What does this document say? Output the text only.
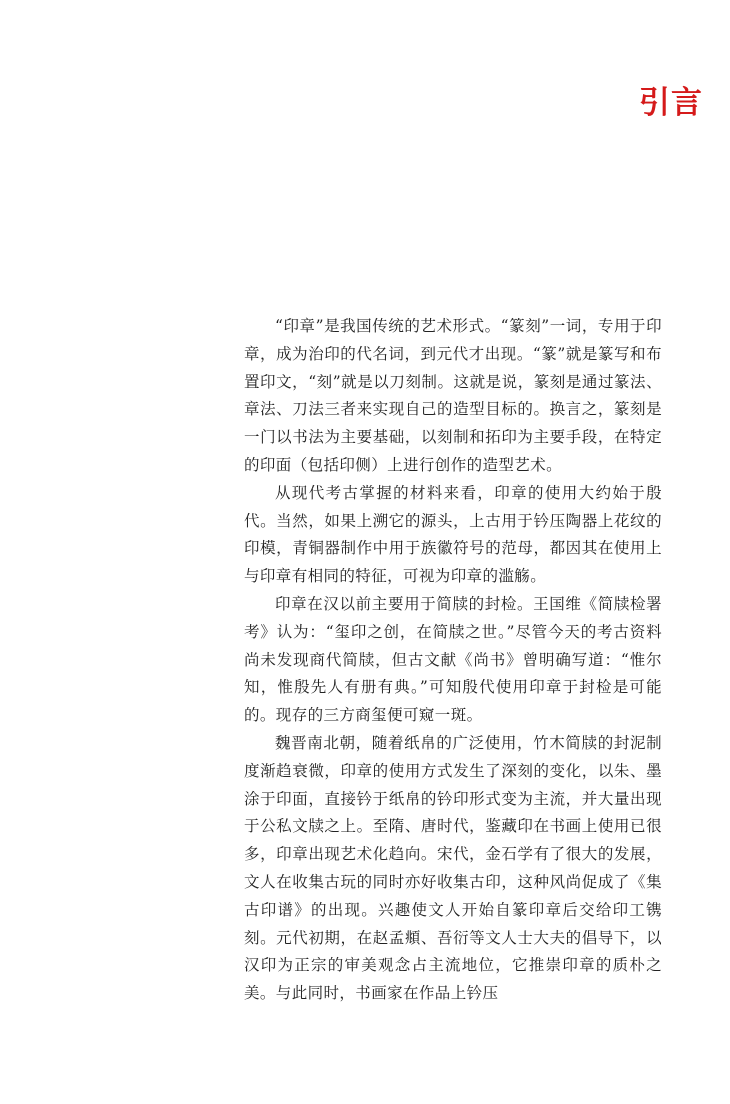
引言

“印章”是我国传统的艺术形式。“篆刻”一词，专用于印章，成为治印的代名词，到元代才出现。“篆”就是篆写和布置印文，“刻”就是以刀刻制。这就是说，篆刻是通过篆法、章法、刀法三者来实现自己的造型目标的。换言之，篆刻是一门以书法为主要基础，以刻制和拓印为主要手段，在特定的印面（包括印侧）上进行创作的造型艺术。

从现代考古掌握的材料来看，印章的使用大约始于殷代。当然，如果上溯它的源头，上古用于钤压陶器上花纹的印模，青铜器制作中用于族徽符号的范母，都因其在使用上与印章有相同的特征，可视为印章的滥觞。

印章在汉以前主要用于简牍的封检。王国维《简牍检署考》认为：“玺印之创，在简牍之世。”尽管今天的考古资料尚未发现商代简牍，但古文献《尚书》曾明确写道：“惟尔知，惟殷先人有册有典。”可知殷代使用印章于封检是可能的。现存的三方商玺便可窥一斑。

魏晋南北朝，随着纸帛的广泛使用，竹木简牍的封泥制度渐趋衰微，印章的使用方式发生了深刻的变化，以朱、墨涂于印面，直接钤于纸帛的钤印形式变为主流，并大量出现于公私文牍之上。至隋、唐时代，鉴藏印在书画上使用已很多，印章出现艺术化趋向。宋代，金石学有了很大的发展，文人在收集古玩的同时亦好收集古印，这种风尚促成了《集古印谱》的出现。兴趣使文人开始自篆印章后交给印工镌刻。元代初期，在赵孟頫、吾衍等文人士大夫的倡导下，以汉印为正宗的审美观念占主流地位，它推崇印章的质朴之美。与此同时，书画家在作品上钤压
